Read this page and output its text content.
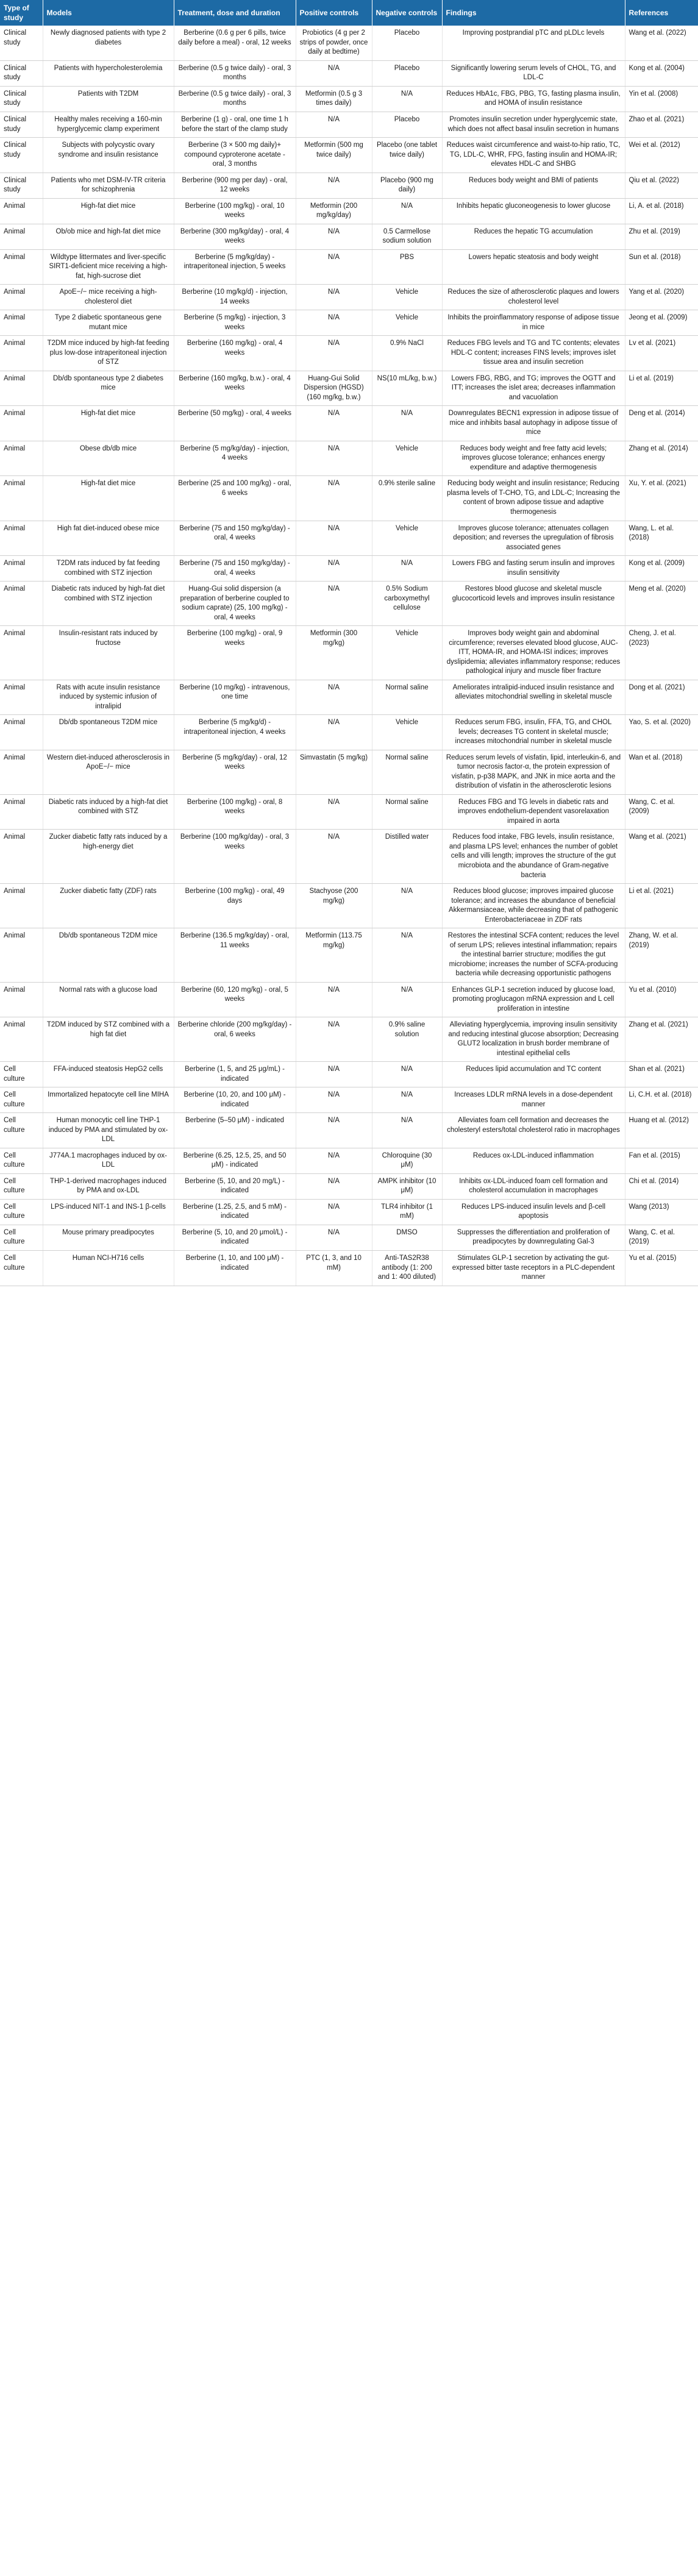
Type of study	Models	Treatment, dose and duration	Positive controls	Negative controls	Findings	References
Clinical study	Newly diagnosed patients with type 2 diabetes	Berberine (0.6 g per 6 pills, twice daily before a meal) - oral, 12 weeks	Probiotics (4 g per 2 strips of powder, once daily at bedtime)	Placebo	Improving postprandial pTC and pLDLc levels	Wang et al. (2022)
Clinical study	Patients with hypercholesterolemia	Berberine (0.5 g twice daily) - oral, 3 months	N/A	Placebo	Significantly lowering serum levels of CHOL, TG, and LDL-C	Kong et al. (2004)
Clinical study	Patients with T2DM	Berberine (0.5 g twice daily) - oral, 3 months	Metformin (0.5 g 3 times daily)	N/A	Reduces HbA1c, FBG, PBG, TG, fasting plasma insulin, and HOMA of insulin resistance	Yin et al. (2008)
Clinical study	Healthy males receiving a 160-min hyperglycemic clamp experiment	Berberine (1 g) - oral, one time 1 h before the start of the clamp study	N/A	Placebo	Promotes insulin secretion under hyperglycemic state, which does not affect basal insulin secretion in humans	Zhao et al. (2021)
Clinical study	Subjects with polycystic ovary syndrome and insulin resistance	Berberine (3 × 500 mg daily)+ compound cyproterone acetate - oral, 3 months	Metformin (500 mg twice daily)	Placebo (one tablet twice daily)	Reduces waist circumference and waist-to-hip ratio, TC, TG, LDL-C, WHR, FPG, fasting insulin and HOMA-IR; elevates HDL-C and SHBG	Wei et al. (2012)
Clinical study	Patients who met DSM-IV-TR criteria for schizophrenia	Berberine (900 mg per day) - oral, 12 weeks	N/A	Placebo (900 mg daily)	Reduces body weight and BMI of patients	Qiu et al. (2022)
Animal	High-fat diet mice	Berberine (100 mg/kg) - oral, 10 weeks	Metformin (200 mg/kg/day)	N/A	Inhibits hepatic gluconeogenesis to lower glucose	Li, A. et al. (2018)
Animal	Ob/ob mice and high-fat diet mice	Berberine (300 mg/kg/day) - oral, 4 weeks	N/A	0.5 Carmellose sodium solution	Reduces the hepatic TG accumulation	Zhu et al. (2019)
Animal	Wildtype littermates and liver-specific SIRT1-deficient mice receiving a high-fat, high-sucrose diet	Berberine (5 mg/kg/day) - intraperitoneal injection, 5 weeks	N/A	PBS	Lowers hepatic steatosis and body weight	Sun et al. (2018)
Animal	ApoE−/− mice receiving a high-cholesterol diet	Berberine (10 mg/kg/d) - injection, 14 weeks	N/A	Vehicle	Reduces the size of atherosclerotic plaques and lowers cholesterol level	Yang et al. (2020)
Animal	Type 2 diabetic spontaneous gene mutant mice	Berberine (5 mg/kg) - injection, 3 weeks	N/A	Vehicle	Inhibits the proinflammatory response of adipose tissue in mice	Jeong et al. (2009)
Animal	T2DM mice induced by high-fat feeding plus low-dose intraperitoneal injection of STZ	Berberine (160 mg/kg) - oral, 4 weeks	N/A	0.9% NaCl	Reduces FBG levels and TG and TC contents; elevates HDL-C content; increases FINS levels; improves islet tissue area and insulin secretion	Lv et al. (2021)
Animal	Db/db spontaneous type 2 diabetes mice	Berberine (160 mg/kg, b.w.) - oral, 4 weeks	Huang-Gui Solid Dispersion (HGSD) (160 mg/kg, b.w.)	NS(10 mL/kg, b.w.)	Lowers FBG, RBG, and TG; improves the OGTT and ITT; increases the islet area; decreases inflammation and vacuolation	Li et al. (2019)
Animal	High-fat diet mice	Berberine (50 mg/kg) - oral, 4 weeks	N/A	N/A	Downregulates BECN1 expression in adipose tissue of mice and inhibits basal autophagy in adipose tissue of mice	Deng et al. (2014)
Animal	Obese db/db mice	Berberine (5 mg/kg/day) - injection, 4 weeks	N/A	Vehicle	Reduces body weight and free fatty acid levels; improves glucose tolerance; enhances energy expenditure and adaptive thermogenesis	Zhang et al. (2014)
Animal	High-fat diet mice	Berberine (25 and 100 mg/kg) - oral, 6 weeks	N/A	0.9% sterile saline	Reducing body weight and insulin resistance; Reducing plasma levels of T-CHO, TG, and LDL-C; Increasing the content of brown adipose tissue and adaptive thermogenesis	Xu, Y. et al. (2021)
Animal	High fat diet-induced obese mice	Berberine (75 and 150 mg/kg/day) - oral, 4 weeks	N/A	Vehicle	Improves glucose tolerance; attenuates collagen deposition; and reverses the upregulation of fibrosis associated genes	Wang, L. et al. (2018)
Animal	T2DM rats induced by fat feeding combined with STZ injection	Berberine (75 and 150 mg/kg/day) - oral, 4 weeks	N/A	N/A	Lowers FBG and fasting serum insulin and improves insulin sensitivity	Kong et al. (2009)
Animal	Diabetic rats induced by high-fat diet combined with STZ injection	Huang-Gui solid dispersion (a preparation of berberine coupled to sodium caprate) (25, 100 mg/kg) - oral, 4 weeks	N/A	0.5% Sodium carboxymethyl cellulose	Restores blood glucose and skeletal muscle glucocorticoid levels and improves insulin resistance	Meng et al. (2020)
Animal	Insulin-resistant rats induced by fructose	Berberine (100 mg/kg) - oral, 9 weeks	Metformin (300 mg/kg)	Vehicle	Improves body weight gain and abdominal circumference; reverses elevated blood glucose, AUC-ITT, HOMA-IR, and HOMA-ISI indices; improves dyslipidemia; alleviates inflammatory response; reduces pathological injury and muscle fiber fracture	Cheng, J. et al. (2023)
Animal	Rats with acute insulin resistance induced by systemic infusion of intralipid	Berberine (10 mg/kg) - intravenous, one time	N/A	Normal saline	Ameliorates intralipid-induced insulin resistance and alleviates mitochondrial swelling in skeletal muscle	Dong et al. (2021)
Animal	Db/db spontaneous T2DM mice	Berberine (5 mg/kg/d) - intraperitoneal injection, 4 weeks	N/A	Vehicle	Reduces serum FBG, insulin, FFA, TG, and CHOL levels; decreases TG content in skeletal muscle; increases mitochondrial number in skeletal muscle	Yao, S. et al. (2020)
Animal	Western diet-induced atherosclerosis in ApoE−/− mice	Berberine (5 mg/kg/day) - oral, 12 weeks	Simvastatin (5 mg/kg)	Normal saline	Reduces serum levels of visfatin, lipid, interleukin-6, and tumor necrosis factor-α, the protein expression of visfatin, p-p38 MAPK, and JNK in mice aorta and the distribution of visfatin in the atherosclerotic lesions	Wan et al. (2018)
Animal	Diabetic rats induced by a high-fat diet combined with STZ	Berberine (100 mg/kg) - oral, 8 weeks	N/A	Normal saline	Reduces FBG and TG levels in diabetic rats and improves endothelium-dependent vasorelaxation impaired in aorta	Wang, C. et al. (2009)
Animal	Zucker diabetic fatty rats induced by a high-energy diet	Berberine (100 mg/kg/day) - oral, 3 weeks	N/A	Distilled water	Reduces food intake, FBG levels, insulin resistance, and plasma LPS level; enhances the number of goblet cells and villi length; improves the structure of the gut microbiota and the abundance of Gram-negative bacteria	Wang et al. (2021)
Animal	Zucker diabetic fatty (ZDF) rats	Berberine (100 mg/kg) - oral, 49 days	Stachyose (200 mg/kg)	N/A	Reduces blood glucose; improves impaired glucose tolerance; and increases the abundance of beneficial Akkermansiaceae, while decreasing that of pathogenic Enterobacteriaceae in ZDF rats	Li et al. (2021)
Animal	Db/db spontaneous T2DM mice	Berberine (136.5 mg/kg/day) - oral, 11 weeks	Metformin (113.75 mg/kg)	N/A	Restores the intestinal SCFA content; reduces the level of serum LPS; relieves intestinal inflammation; repairs the intestinal barrier structure; modifies the gut microbiome; increases the number of SCFA-producing bacteria while decreasing opportunistic pathogens	Zhang, W. et al. (2019)
Animal	Normal rats with a glucose load	Berberine (60, 120 mg/kg) - oral, 5 weeks	N/A	N/A	Enhances GLP-1 secretion induced by glucose load, promoting proglucagon mRNA expression and L cell proliferation in intestine	Yu et al. (2010)
Animal	T2DM induced by STZ combined with a high fat diet	Berberine chloride (200 mg/kg/day) - oral, 6 weeks	N/A	0.9% saline solution	Alleviating hyperglycemia, improving insulin sensitivity and reducing intestinal glucose absorption; Decreasing GLUT2 localization in brush border membrane of intestinal epithelial cells	Zhang et al. (2021)
Cell culture	FFA-induced steatosis HepG2 cells	Berberine (1, 5, and 25 μg/mL) - indicated	N/A	N/A	Reduces lipid accumulation and TC content	Shan et al. (2021)
Cell culture	Immortalized hepatocyte cell line MIHA	Berberine (10, 20, and 100 μM) - indicated	N/A	N/A	Increases LDLR mRNA levels in a dose-dependent manner	Li, C.H. et al. (2018)
Cell culture	Human monocytic cell line THP-1 induced by PMA and stimulated by ox-LDL	Berberine (5–50 μM) - indicated	N/A	N/A	Alleviates foam cell formation and decreases the cholesteryl esters/total cholesterol ratio in macrophages	Huang et al. (2012)
Cell culture	J774A.1 macrophages induced by ox-LDL	Berberine (6.25, 12.5, 25, and 50 μM) - indicated	N/A	Chloroquine (30 μM)	Reduces ox-LDL-induced inflammation	Fan et al. (2015)
Cell culture	THP-1-derived macrophages induced by PMA and ox-LDL	Berberine (5, 10, and 20 mg/L) - indicated	N/A	AMPK inhibitor (10 μM)	Inhibits ox-LDL-induced foam cell formation and cholesterol accumulation in macrophages	Chi et al. (2014)
Cell culture	LPS-induced NIT-1 and INS-1 β-cells	Berberine (1.25, 2.5, and 5 mM) - indicated	N/A	TLR4 inhibitor (1 mM)	Reduces LPS-induced insulin levels and β-cell apoptosis	Wang (2013)
Cell culture	Mouse primary preadipocytes	Berberine (5, 10, and 20 μmol/L) - indicated	N/A	DMSO	Suppresses the differentiation and proliferation of preadipocytes by downregulating Gal-3	Wang, C. et al. (2019)
Cell culture	Human NCI-H716 cells	Berberine (1, 10, and 100 μM) - indicated	PTC (1, 3, and 10 mM)	Anti-TAS2R38 antibody (1: 200 and 1: 400 diluted)	Stimulates GLP-1 secretion by activating the gut-expressed bitter taste receptors in a PLC-dependent manner	Yu et al. (2015)
